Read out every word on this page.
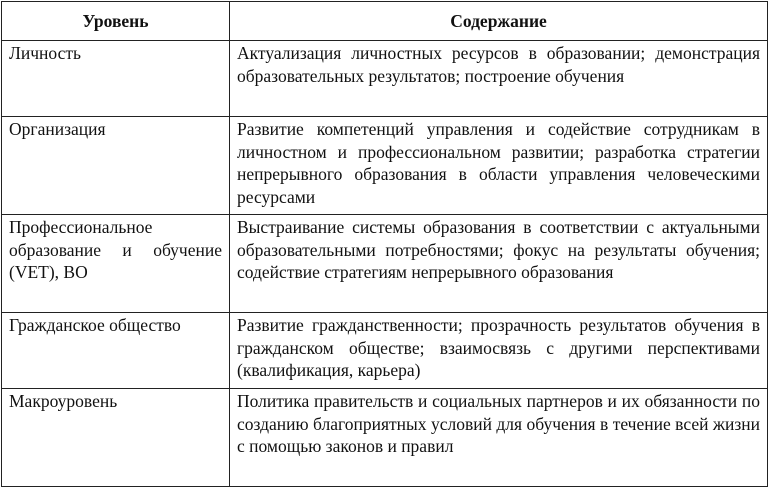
Уровень	Содержание
Личность	Актуализация личностных ресурсов в образовании; демонстрация образовательных результатов; построение обучения
Организация	Развитие компетенций управления и содействие сотрудникам в личностном и профессиональном развитии; разработка стратегии непрерывного образования в области управления человеческими ресурсами
Профессиональное образование и обучение (VET), ВО	Выстраивание системы образования в соответствии с актуальными образовательными потребностями; фокус на результаты обучения; содействие стратегиям непрерывного образования
Гражданское общество	Развитие гражданственности; прозрачность результатов обучения в гражданском обществе; взаимосвязь с другими перспективами (квалификация, карьера)
Макроуровень	Политика правительств и социальных партнеров и их обязанности по созданию благоприятных условий для обучения в течение всей жизни с помощью законов и правил
